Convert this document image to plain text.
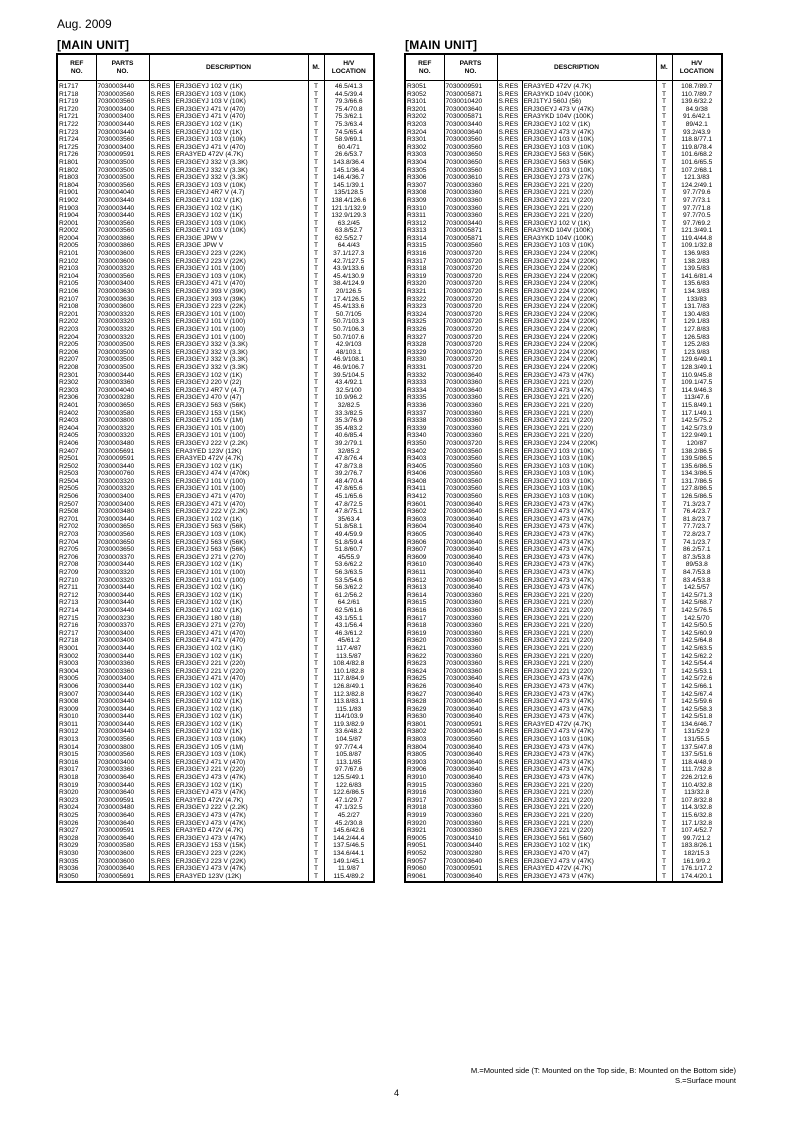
Aug. 2009
[MAIN UNIT]	[MAIN UNIT]
REF
NO.	PARTS
NO.	DESCRIPTION		M.	H/V
LOCATION
R1717	7030003440	S.RES	ERJ3GEYJ 102 V (1K)	T	46.5/41.3
R1718	7030003560	S.RES	ERJ3GEYJ 103 V (10K)	T	44.5/39.4
R1719	7030003560	S.RES	ERJ3GEYJ 103 V (10K)	T	79.3/66.6
R1720	7030003400	S.RES	ERJ3GEYJ 471 V (470)	T	75.4/70.8
R1721	7030003400	S.RES	ERJ3GEYJ 471 V (470)	T	75.3/62.1
R1722	7030003440	S.RES	ERJ3GEYJ 102 V (1K)	T	75.3/63.4
R1723	7030003440	S.RES	ERJ3GEYJ 102 V (1K)	T	74.5/65.4
R1724	7030003560	S.RES	ERJ3GEYJ 103 V (10K)	T	58.9/69.1
R1725	7030003400	S.RES	ERJ3GEYJ 471 V (470)	T	60.4/71
R1726	7030009591	S.RES	ERA3YED 472V (4.7K)	T	26.6/53.7
R1801	7030003500	S.RES	ERJ3GEYJ 332 V (3.3K)	T	143.8/36.4
R1802	7030003500	S.RES	ERJ3GEYJ 332 V (3.3K)	T	145.1/36.4
R1803	7030003500	S.RES	ERJ3GEYJ 332 V (3.3K)	T	146.4/36.7
R1804	7030003560	S.RES	ERJ3GEYJ 103 V (10K)	T	145.1/39.1
R1901	7030004040	S.RES	ERJ3GEYJ 4R7 V (4.7)	T	135/128.5
R1902	7030003440	S.RES	ERJ3GEYJ 102 V (1K)	T	138.4/126.6
R1903	7030003440	S.RES	ERJ3GEYJ 102 V (1K)	T	121.1/132.9
R1904	7030003440	S.RES	ERJ3GEYJ 102 V (1K)	T	132.9/129.3
R2001	7030003560	S.RES	ERJ3GEYJ 103 V (10K)	T	63.2/45
R2002	7030003560	S.RES	ERJ3GEYJ 103 V (10K)	T	63.8/52.7
R2004	7030003860	S.RES	ERJ3GE JPW V	T	62.5/52.7
R2005	7030003860	S.RES	ERJ3GE JPW V	T	64.4/43
R2101	7030003600	S.RES	ERJ3GEYJ 223 V (22K)	T	37.1/127.3
R2102	7030003600	S.RES	ERJ3GEYJ 223 V (22K)	T	42.7/127.5
R2103	7030003320	S.RES	ERJ3GEYJ 101 V (100)	T	43.9/133.6
R2104	7030003560	S.RES	ERJ3GEYJ 103 V (10K)	T	45.4/130.9
R2105	7030003400	S.RES	ERJ3GEYJ 471 V (470)	T	38.4/124.9
R2106	7030003630	S.RES	ERJ3GEYJ 393 V (39K)	T	20/126.5
R2107	7030003630	S.RES	ERJ3GEYJ 393 V (39K)	T	17.4/126.5
R2108	7030003600	S.RES	ERJ3GEYJ 223 V (22K)	T	45.4/133.6
R2201	7030003320	S.RES	ERJ3GEYJ 101 V (100)	T	50.7/105
R2202	7030003320	S.RES	ERJ3GEYJ 101 V (100)	T	50.7/103.3
R2203	7030003320	S.RES	ERJ3GEYJ 101 V (100)	T	50.7/106.3
R2204	7030003320	S.RES	ERJ3GEYJ 101 V (100)	T	50.7/107.6
R2205	7030003500	S.RES	ERJ3GEYJ 332 V (3.3K)	T	42.9/103
R2206	7030003500	S.RES	ERJ3GEYJ 332 V (3.3K)	T	48/103.1
R2207	7030003500	S.RES	ERJ3GEYJ 332 V (3.3K)	T	46.9/108.1
R2208	7030003500	S.RES	ERJ3GEYJ 332 V (3.3K)	T	46.9/106.7
R2301	7030003440	S.RES	ERJ3GEYJ 102 V (1K)	T	39.5/104.5
R2302	7030003360	S.RES	ERJ3GEYJ 220 V (22)	T	43.4/92.1
R2303	7030004040	S.RES	ERJ3GEYJ 4R7 V (4.7)	T	32.5/100
R2306	7030003280	S.RES	ERJ3GEYJ 470 V (47)	T	10.9/96.2
R2401	7030003650	S.RES	ERJ3GEYJ 563 V (56K)	T	32/82.5
R2402	7030003580	S.RES	ERJ3GEYJ 153 V (15K)	T	33.3/82.5
R2403	7030003800	S.RES	ERJ3GEYJ 105 V (1M)	T	35.3/76.9
R2404	7030003320	S.RES	ERJ3GEYJ 101 V (100)	T	35.4/83.2
R2405	7030003320	S.RES	ERJ3GEYJ 101 V (100)	T	40.6/85.4
R2406	7030003480	S.RES	ERJ3GEYJ 222 V (2.2K)	T	39.2/79.1
R2407	7030005691	S.RES	ERA3YED 123V (12K)	T	32/85.2
R2501	7030009591	S.RES	ERA3YED 472V (4.7K)	T	47.8/76.4
R2502	7030003440	S.RES	ERJ3GEYJ 102 V (1K)	T	47.8/73.8
R2503	7030000760	S.RES	ERJ3GEYJ 474 V (470K)	T	39.2/76.7
R2504	7030003320	S.RES	ERJ3GEYJ 101 V (100)	T	48.4/70.4
R2505	7030003320	S.RES	ERJ3GEYJ 101 V (100)	T	47.8/65.6
R2506	7030003400	S.RES	ERJ3GEYJ 471 V (470)	T	45.1/65.6
R2507	7030003400	S.RES	ERJ3GEYJ 471 V (470)	T	47.8/72.5
R2508	7030003480	S.RES	ERJ3GEYJ 222 V (2.2K)	T	47.8/75.1
R2701	7030003440	S.RES	ERJ3GEYJ 102 V (1K)	T	35/63.4
R2702	7030003650	S.RES	ERJ3GEYJ 563 V (56K)	T	51.8/58.1
R2703	7030003560	S.RES	ERJ3GEYJ 103 V (10K)	T	49.4/59.9
R2704	7030003650	S.RES	ERJ3GEYJ 563 V (56K)	T	51.8/59.4
R2705	7030003650	S.RES	ERJ3GEYJ 563 V (56K)	T	51.8/60.7
R2706	7030003370	S.RES	ERJ3GEYJ 271 V (270)	T	45/55.9
R2708	7030003440	S.RES	ERJ3GEYJ 102 V (1K)	T	53.6/62.2
R2709	7030003320	S.RES	ERJ3GEYJ 101 V (100)	T	56.3/63.5
R2710	7030003320	S.RES	ERJ3GEYJ 101 V (100)	T	53.5/54.6
R2711	7030003440	S.RES	ERJ3GEYJ 102 V (1K)	T	56.3/62.2
R2712	7030003440	S.RES	ERJ3GEYJ 102 V (1K)	T	61.2/56.2
R2713	7030003440	S.RES	ERJ3GEYJ 102 V (1K)	T	64.2/61
R2714	7030003440	S.RES	ERJ3GEYJ 102 V (1K)	T	62.5/61.6
R2715	7030003230	S.RES	ERJ3GEYJ 180 V (18)	T	43.1/55.1
R2716	7030003370	S.RES	ERJ3GEYJ 271 V (270)	T	43.1/56.4
R2717	7030003400	S.RES	ERJ3GEYJ 471 V (470)	T	46.3/61.2
R2718	7030003400	S.RES	ERJ3GEYJ 471 V (470)	T	45/61.2
R3001	7030003440	S.RES	ERJ3GEYJ 102 V (1K)	T	117.4/87
R3002	7030003440	S.RES	ERJ3GEYJ 102 V (1K)	T	113.5/87
R3003	7030003360	S.RES	ERJ3GEYJ 221 V (220)	T	108.4/82.8
R3004	7030003360	S.RES	ERJ3GEYJ 221 V (220)	T	110.1/82.8
R3005	7030003400	S.RES	ERJ3GEYJ 471 V (470)	T	117.8/84.9
R3006	7030003440	S.RES	ERJ3GEYJ 102 V (1K)	T	126.8/49.1
R3007	7030003440	S.RES	ERJ3GEYJ 102 V (1K)	T	112.3/82.8
R3008	7030003440	S.RES	ERJ3GEYJ 102 V (1K)	T	113.8/83.1
R3009	7030003440	S.RES	ERJ3GEYJ 102 V (1K)	T	115.1/83
R3010	7030003440	S.RES	ERJ3GEYJ 102 V (1K)	T	114/103.9
R3011	7030003440	S.RES	ERJ3GEYJ 102 V (1K)	T	119.3/82.9
R3012	7030003440	S.RES	ERJ3GEYJ 102 V (1K)	T	33.6/48.2
R3013	7030003560	S.RES	ERJ3GEYJ 103 V (10K)	T	104.5/87
R3014	7030003800	S.RES	ERJ3GEYJ 105 V (1M)	T	97.7/74.4
R3015	7030003560	S.RES	ERJ3GEYJ 103 V (10K)	T	105.8/87
R3016	7030003400	S.RES	ERJ3GEYJ 471 V (470)	T	113.1/85
R3017	7030003360	S.RES	ERJ3GEYJ 221 V (220)	T	97.7/67.6
R3018	7030003640	S.RES	ERJ3GEYJ 473 V (47K)	T	125.5/49.1
R3019	7030003440	S.RES	ERJ3GEYJ 102 V (1K)	T	122.6/83
R3020	7030003640	S.RES	ERJ3GEYJ 473 V (47K)	T	122.6/86.5
R3023	7030009591	S.RES	ERA3YED 472V (4.7K)	T	47.1/29.7
R3024	7030003480	S.RES	ERJ3GEYJ 222 V (2.2K)	T	47.1/32.5
R3025	7030003640	S.RES	ERJ3GEYJ 473 V (47K)	T	45.2/27
R3026	7030003640	S.RES	ERJ3GEYJ 473 V (47K)	T	45.2/30.8
R3027	7030009591	S.RES	ERA3YED 472V (4.7K)	T	145.6/42.6
R3028	7030003640	S.RES	ERJ3GEYJ 473 V (47K)	T	144.2/44.4
R3029	7030003580	S.RES	ERJ3GEYJ 153 V (15K)	T	137.5/46.5
R3030	7030003600	S.RES	ERJ3GEYJ 223 V (22K)	T	134.6/44.1
R3035	7030003600	S.RES	ERJ3GEYJ 223 V (22K)	T	149.1/45.1
R3036	7030003640	S.RES	ERJ3GEYJ 473 V (47K)	T	11.9/87
R3050	7030005691	S.RES	ERA3YED 123V (12K)	T	115.4/89.2
REF
NO.	PARTS
NO.	DESCRIPTION		M.	H/V
LOCATION
R3051	7030009591	S.RES	ERA3YED 472V (4.7K)	T	108.7/89.7
R3052	7030005871	S.RES	ERA3YKD 104V (100K)	T	110.7/89.7
R3101	7030010420	S.RES	ERJ1TYJ 560J (56)	T	139.6/32.2
R3201	7030003640	S.RES	ERJ3GEYJ 473 V (47K)	T	84.9/38
R3202	7030005871	S.RES	ERA3YKD 104V (100K)	T	91.6/42.1
R3203	7030003440	S.RES	ERJ3GEYJ 102 V (1K)	T	89/42.1
R3204	7030003640	S.RES	ERJ3GEYJ 473 V (47K)	T	93.2/43.9
R3301	7030003560	S.RES	ERJ3GEYJ 103 V (10K)	T	118.8/77.1
R3302	7030003560	S.RES	ERJ3GEYJ 103 V (10K)	T	119.8/78.4
R3303	7030003650	S.RES	ERJ3GEYJ 563 V (56K)	T	101.6/68.2
R3304	7030003650	S.RES	ERJ3GEYJ 563 V (56K)	T	101.6/65.5
R3305	7030003560	S.RES	ERJ3GEYJ 103 V (10K)	T	107.2/68.1
R3306	7030003610	S.RES	ERJ3GEYJ 273 V (27K)	T	121.3/83
R3307	7030003360	S.RES	ERJ3GEYJ 221 V (220)	T	124.2/49.1
R3308	7030003360	S.RES	ERJ3GEYJ 221 V (220)	T	97.7/79.6
R3309	7030003360	S.RES	ERJ3GEYJ 221 V (220)	T	97.7/73.1
R3310	7030003360	S.RES	ERJ3GEYJ 221 V (220)	T	97.7/71.8
R3311	7030003360	S.RES	ERJ3GEYJ 221 V (220)	T	97.7/70.5
R3312	7030003440	S.RES	ERJ3GEYJ 102 V (1K)	T	97.7/69.2
R3313	7030005871	S.RES	ERA3YKD 104V (100K)	T	121.3/49.1
R3314	7030005871	S.RES	ERA3YKD 104V (100K)	T	119.4/44.8
R3315	7030003560	S.RES	ERJ3GEYJ 103 V (10K)	T	109.1/32.8
R3316	7030003720	S.RES	ERJ3GEYJ 224 V (220K)	T	136.9/83
R3317	7030003720	S.RES	ERJ3GEYJ 224 V (220K)	T	138.2/83
R3318	7030003720	S.RES	ERJ3GEYJ 224 V (220K)	T	139.5/83
R3319	7030003720	S.RES	ERJ3GEYJ 224 V (220K)	T	141.6/81.4
R3320	7030003720	S.RES	ERJ3GEYJ 224 V (220K)	T	135.6/83
R3321	7030003720	S.RES	ERJ3GEYJ 224 V (220K)	T	134.3/83
R3322	7030003720	S.RES	ERJ3GEYJ 224 V (220K)	T	133/83
R3323	7030003720	S.RES	ERJ3GEYJ 224 V (220K)	T	131.7/83
R3324	7030003720	S.RES	ERJ3GEYJ 224 V (220K)	T	130.4/83
R3325	7030003720	S.RES	ERJ3GEYJ 224 V (220K)	T	129.1/83
R3326	7030003720	S.RES	ERJ3GEYJ 224 V (220K)	T	127.8/83
R3327	7030003720	S.RES	ERJ3GEYJ 224 V (220K)	T	126.5/83
R3328	7030003720	S.RES	ERJ3GEYJ 224 V (220K)	T	125.2/83
R3329	7030003720	S.RES	ERJ3GEYJ 224 V (220K)	T	123.9/83
R3330	7030003720	S.RES	ERJ3GEYJ 224 V (220K)	T	129.6/49.1
R3331	7030003720	S.RES	ERJ3GEYJ 224 V (220K)	T	128.3/49.1
R3332	7030003640	S.RES	ERJ3GEYJ 473 V (47K)	T	110.9/45.8
R3333	7030003360	S.RES	ERJ3GEYJ 221 V (220)	T	109.1/47.5
R3334	7030003640	S.RES	ERJ3GEYJ 473 V (47K)	T	114.9/46.3
R3335	7030003360	S.RES	ERJ3GEYJ 221 V (220)	T	113/47.6
R3336	7030003360	S.RES	ERJ3GEYJ 221 V (220)	T	115.8/49.1
R3337	7030003360	S.RES	ERJ3GEYJ 221 V (220)	T	117.1/49.1
R3338	7030003360	S.RES	ERJ3GEYJ 221 V (220)	T	142.5/75.2
R3339	7030003360	S.RES	ERJ3GEYJ 221 V (220)	T	142.5/73.9
R3340	7030003360	S.RES	ERJ3GEYJ 221 V (220)	T	122.9/49.1
R3350	7030003720	S.RES	ERJ3GEYJ 224 V (220K)	T	120/87
R3402	7030003560	S.RES	ERJ3GEYJ 103 V (10K)	T	138.2/86.5
R3403	7030003560	S.RES	ERJ3GEYJ 103 V (10K)	T	139.5/86.5
R3405	7030003560	S.RES	ERJ3GEYJ 103 V (10K)	T	135.6/86.5
R3406	7030003560	S.RES	ERJ3GEYJ 103 V (10K)	T	134.3/86.5
R3408	7030003560	S.RES	ERJ3GEYJ 103 V (10K)	T	131.7/86.5
R3411	7030003560	S.RES	ERJ3GEYJ 103 V (10K)	T	127.8/86.5
R3412	7030003560	S.RES	ERJ3GEYJ 103 V (10K)	T	126.5/86.5
R3601	7030003640	S.RES	ERJ3GEYJ 473 V (47K)	T	71.3/23.7
R3602	7030003640	S.RES	ERJ3GEYJ 473 V (47K)	T	76.4/23.7
R3603	7030003640	S.RES	ERJ3GEYJ 473 V (47K)	T	81.8/23.7
R3604	7030003640	S.RES	ERJ3GEYJ 473 V (47K)	T	77.7/23.7
R3605	7030003640	S.RES	ERJ3GEYJ 473 V (47K)	T	72.8/23.7
R3606	7030003640	S.RES	ERJ3GEYJ 473 V (47K)	T	74.1/23.7
R3607	7030003640	S.RES	ERJ3GEYJ 473 V (47K)	T	86.2/57.1
R3609	7030003640	S.RES	ERJ3GEYJ 473 V (47K)	T	87.3/53.8
R3610	7030003640	S.RES	ERJ3GEYJ 473 V (47K)	T	89/53.8
R3611	7030003640	S.RES	ERJ3GEYJ 473 V (47K)	T	84.7/53.8
R3612	7030003640	S.RES	ERJ3GEYJ 473 V (47K)	T	83.4/53.8
R3613	7030003640	S.RES	ERJ3GEYJ 473 V (47K)	T	142.5/57
R3614	7030003360	S.RES	ERJ3GEYJ 221 V (220)	T	142.5/71.3
R3615	7030003360	S.RES	ERJ3GEYJ 221 V (220)	T	142.5/68.7
R3616	7030003360	S.RES	ERJ3GEYJ 221 V (220)	T	142.5/76.5
R3617	7030003360	S.RES	ERJ3GEYJ 221 V (220)	T	142.5/70
R3618	7030003360	S.RES	ERJ3GEYJ 221 V (220)	T	142.5/50.5
R3619	7030003360	S.RES	ERJ3GEYJ 221 V (220)	T	142.5/60.9
R3620	7030003360	S.RES	ERJ3GEYJ 221 V (220)	T	142.5/64.8
R3621	7030003360	S.RES	ERJ3GEYJ 221 V (220)	T	142.5/63.5
R3622	7030003360	S.RES	ERJ3GEYJ 221 V (220)	T	142.5/62.2
R3623	7030003360	S.RES	ERJ3GEYJ 221 V (220)	T	142.5/54.4
R3624	7030003360	S.RES	ERJ3GEYJ 221 V (220)	T	142.5/53.1
R3625	7030003640	S.RES	ERJ3GEYJ 473 V (47K)	T	142.5/72.6
R3626	7030003640	S.RES	ERJ3GEYJ 473 V (47K)	T	142.5/66.1
R3627	7030003640	S.RES	ERJ3GEYJ 473 V (47K)	T	142.5/67.4
R3628	7030003640	S.RES	ERJ3GEYJ 473 V (47K)	T	142.5/59.6
R3629	7030003640	S.RES	ERJ3GEYJ 473 V (47K)	T	142.5/58.3
R3630	7030003640	S.RES	ERJ3GEYJ 473 V (47K)	T	142.5/51.8
R3801	7030009591	S.RES	ERA3YED 472V (4.7K)	T	134.6/46.7
R3802	7030003640	S.RES	ERJ3GEYJ 473 V (47K)	T	131/52.9
R3803	7030003560	S.RES	ERJ3GEYJ 103 V (10K)	T	131/55.5
R3804	7030003640	S.RES	ERJ3GEYJ 473 V (47K)	T	137.5/47.8
R3805	7030003640	S.RES	ERJ3GEYJ 473 V (47K)	T	137.5/51.6
R3903	7030003640	S.RES	ERJ3GEYJ 473 V (47K)	T	118.4/48.9
R3906	7030003640	S.RES	ERJ3GEYJ 473 V (47K)	T	111.7/32.8
R3910	7030003640	S.RES	ERJ3GEYJ 473 V (47K)	T	226.2/12.6
R3915	7030003360	S.RES	ERJ3GEYJ 221 V (220)	T	110.4/32.8
R3916	7030003360	S.RES	ERJ3GEYJ 221 V (220)	T	113/32.8
R3917	7030003360	S.RES	ERJ3GEYJ 221 V (220)	T	107.8/32.8
R3918	7030003360	S.RES	ERJ3GEYJ 221 V (220)	T	114.3/32.8
R3919	7030003360	S.RES	ERJ3GEYJ 221 V (220)	T	115.6/32.8
R3920	7030003360	S.RES	ERJ3GEYJ 221 V (220)	T	117.1/32.8
R3921	7030003360	S.RES	ERJ3GEYJ 221 V (220)	T	107.4/52.7
R9005	7030003410	S.RES	ERJ3GEYJ 561 V (560)	T	99.7/21.2
R9051	7030003440	S.RES	ERJ3GEYJ 102 V (1K)	T	183.8/26.1
R9052	7030003280	S.RES	ERJ3GEYJ 470 V (47)	T	182/15.3
R9057	7030003640	S.RES	ERJ3GEYJ 473 V (47K)	T	161.9/9.2
R9060	7030009591	S.RES	ERA3YED 472V (4.7K)	T	176.1/17.2
R9061	7030003640	S.RES	ERJ3GEYJ 473 V (47K)	T	174.4/20.1
M.=Mounted side (T: Mounted on the Top side, B: Mounted on the Bottom side)
S.=Surface mount
4
